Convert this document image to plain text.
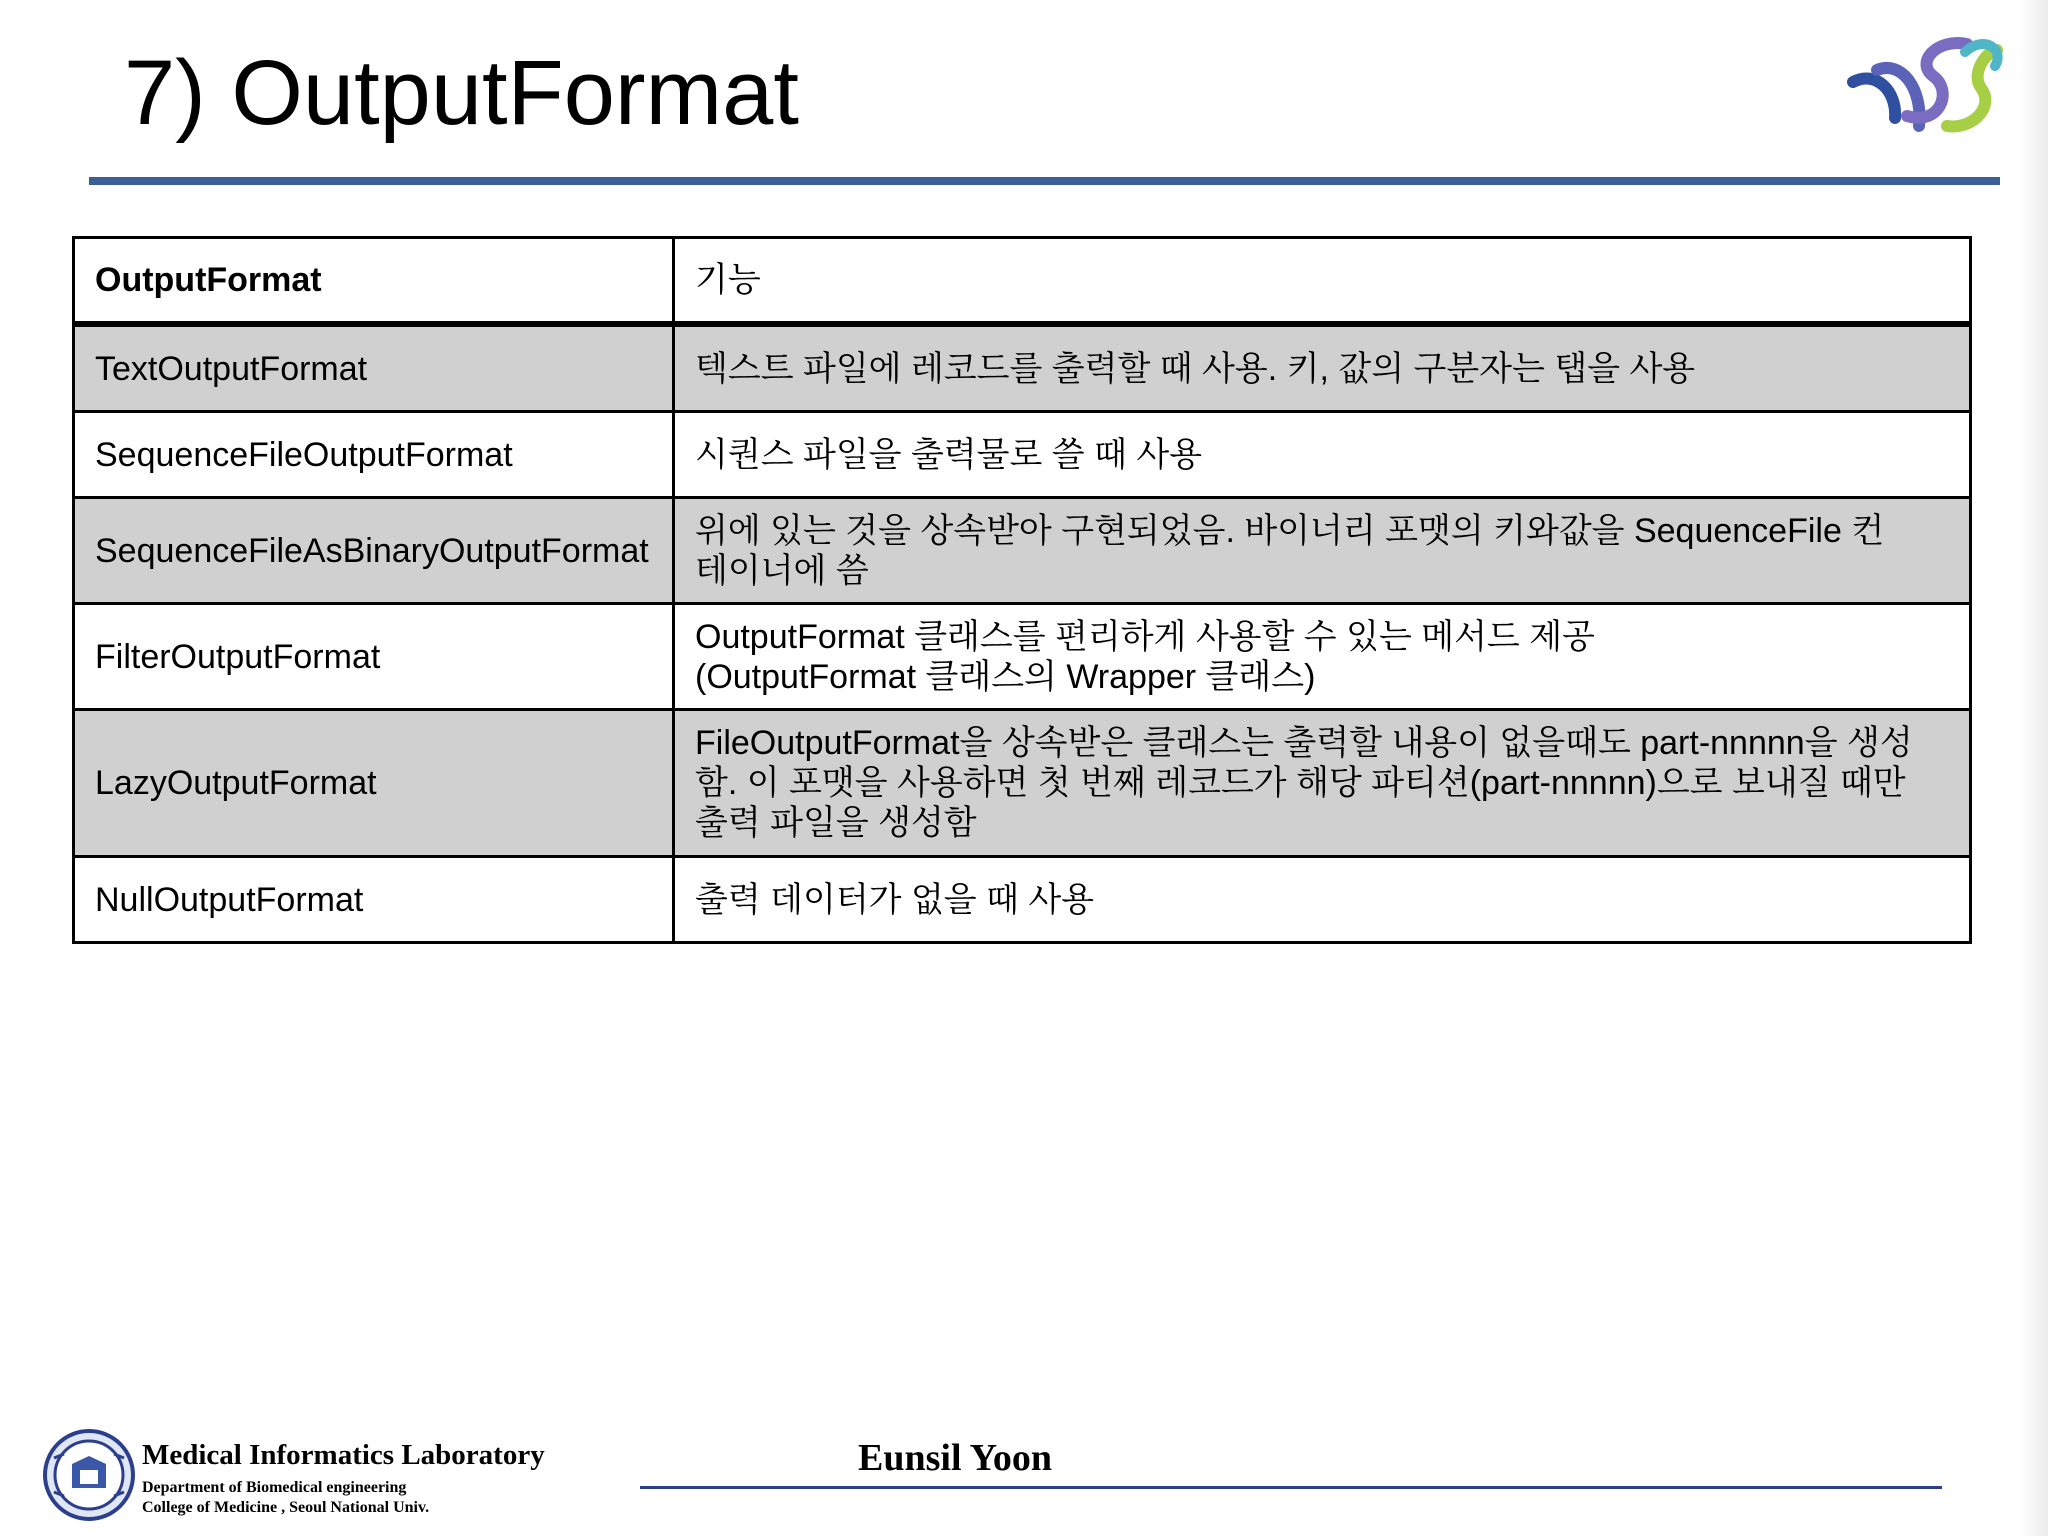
7) OutputFormat
OutputFormat	기능
TextOutputFormat	텍스트 파일에 레코드를 출력할 때 사용. 키, 값의 구분자는 탭을 사용

SequenceFileOutputFormat	시퀀스 파일을 출력물로 쓸 때 사용

SequenceFileAsBinaryOutputFormat	위에 있는 것을 상속받아 구현되었음. 바이너리 포맷의 키와값을 SequenceFile 컨
테이너에 씀

FilterOutputFormat	OutputFormat 클래스를 편리하게 사용할 수 있는 메서드 제공
(OutputFormat 클래스의 Wrapper 클래스)

LazyOutputFormat	FileOutputFormat을 상속받은 클래스는 출력할 내용이 없을때도 part-nnnnn을 생성
함. 이 포맷을 사용하면 첫 번째 레코드가 해당 파티션(part-nnnnn)으로 보내질 때만
출력 파일을 생성함

NullOutputFormat	출력 데이터가 없을 때 사용
Medical Informatics Laboratory
Department of Biomedical engineering
College of Medicine , Seoul National Univ.
Eunsil Yoon
